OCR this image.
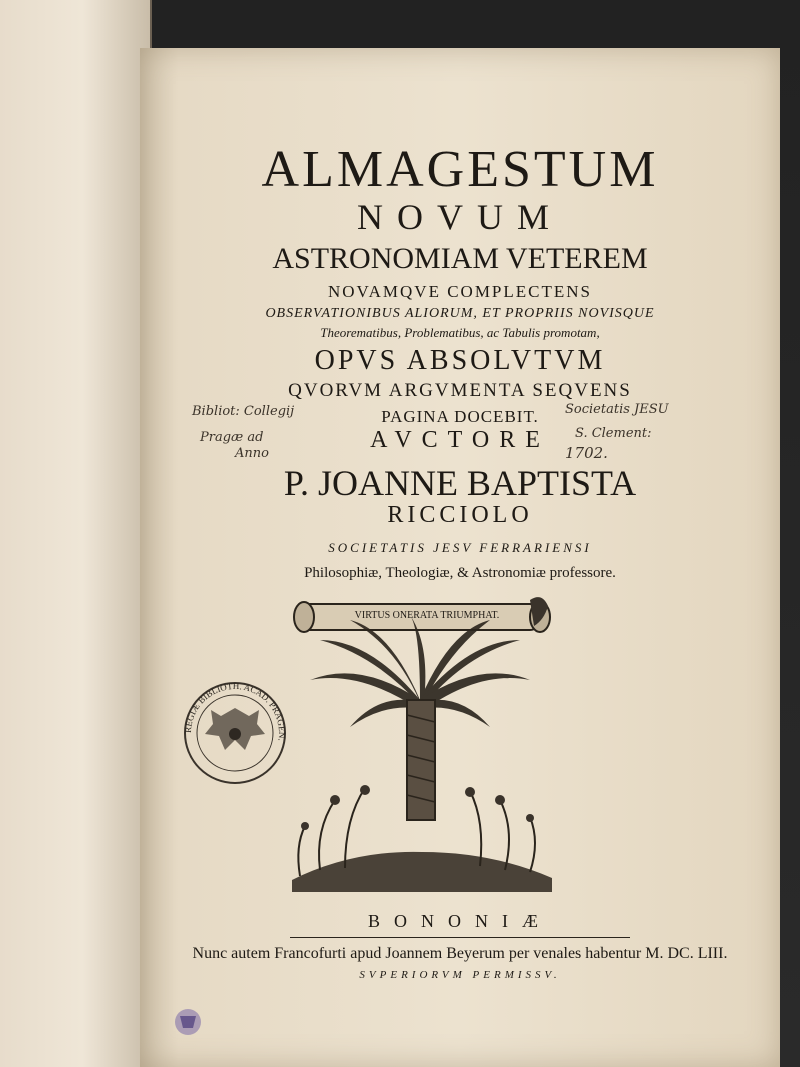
ALMAGESTUM
NOVUM
ASTRONOMIAM VETEREM
NOVAMQVE COMPLECTENS
OBSERVATIONIBUS ALIORUM, ET PROPRIIS NOVISQUE
Theorematibus, Problematibus, ac Tabulis promotam,
OPVS ABSOLVTVM
QVORVM ARGVMENTA SEQVENS
PAGINA DOCEBIT.
AVCTORE
P. JOANNE BAPTISTA
RICCIOLO
SOCIETATIS JESV FERRARIENSI
Philosophiæ, Theologiæ, & Astronomiæ professore.
Bibliot: Collegij	Societatis JESU
Pragæ ad	S. Clement:
Anno	1702.
REGIÆ BIBLIOTH. ACAD. PRAGEN.
VIRTUS ONERATA TRIUMPHAT.
BONONIÆ
Nunc autem Francofurti apud Joannem Beyerum per venales habentur M. DC. LIII.
SVPERIORVM PERMISSV.
